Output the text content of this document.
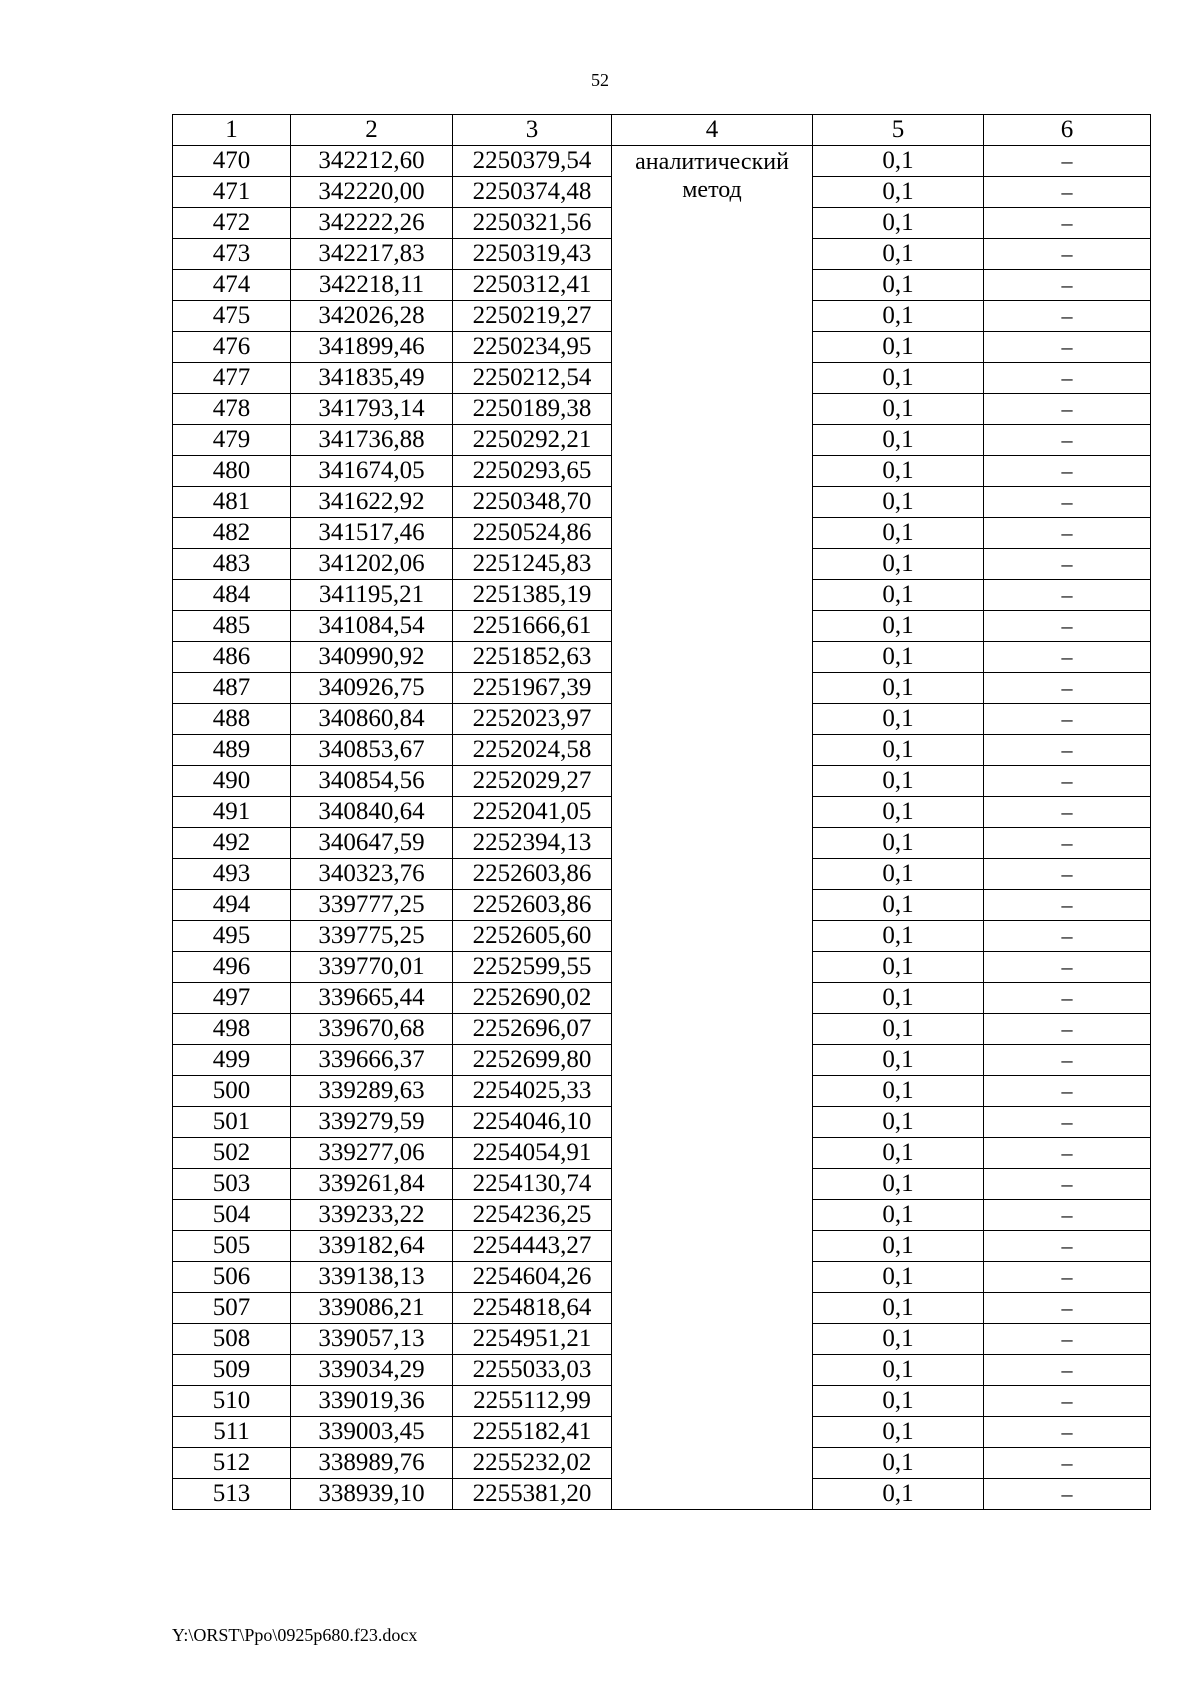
52
1	2	3	4	5	6
470	342212,60	2250379,54	аналитический метод	0,1	–
471	342220,00	2250374,48		0,1	–
472	342222,26	2250321,56		0,1	–
473	342217,83	2250319,43		0,1	–
474	342218,11	2250312,41		0,1	–
475	342026,28	2250219,27		0,1	–
476	341899,46	2250234,95		0,1	–
477	341835,49	2250212,54		0,1	–
478	341793,14	2250189,38		0,1	–
479	341736,88	2250292,21		0,1	–
480	341674,05	2250293,65		0,1	–
481	341622,92	2250348,70		0,1	–
482	341517,46	2250524,86		0,1	–
483	341202,06	2251245,83		0,1	–
484	341195,21	2251385,19		0,1	–
485	341084,54	2251666,61		0,1	–
486	340990,92	2251852,63		0,1	–
487	340926,75	2251967,39		0,1	–
488	340860,84	2252023,97		0,1	–
489	340853,67	2252024,58		0,1	–
490	340854,56	2252029,27		0,1	–
491	340840,64	2252041,05		0,1	–
492	340647,59	2252394,13		0,1	–
493	340323,76	2252603,86		0,1	–
494	339777,25	2252603,86		0,1	–
495	339775,25	2252605,60		0,1	–
496	339770,01	2252599,55		0,1	–
497	339665,44	2252690,02		0,1	–
498	339670,68	2252696,07		0,1	–
499	339666,37	2252699,80		0,1	–
500	339289,63	2254025,33		0,1	–
501	339279,59	2254046,10		0,1	–
502	339277,06	2254054,91		0,1	–
503	339261,84	2254130,74		0,1	–
504	339233,22	2254236,25		0,1	–
505	339182,64	2254443,27		0,1	–
506	339138,13	2254604,26		0,1	–
507	339086,21	2254818,64		0,1	–
508	339057,13	2254951,21		0,1	–
509	339034,29	2255033,03		0,1	–
510	339019,36	2255112,99		0,1	–
511	339003,45	2255182,41		0,1	–
512	338989,76	2255232,02		0,1	–
513	338939,10	2255381,20		0,1	–
Y:\ORST\Ppo\0925p680.f23.docx
